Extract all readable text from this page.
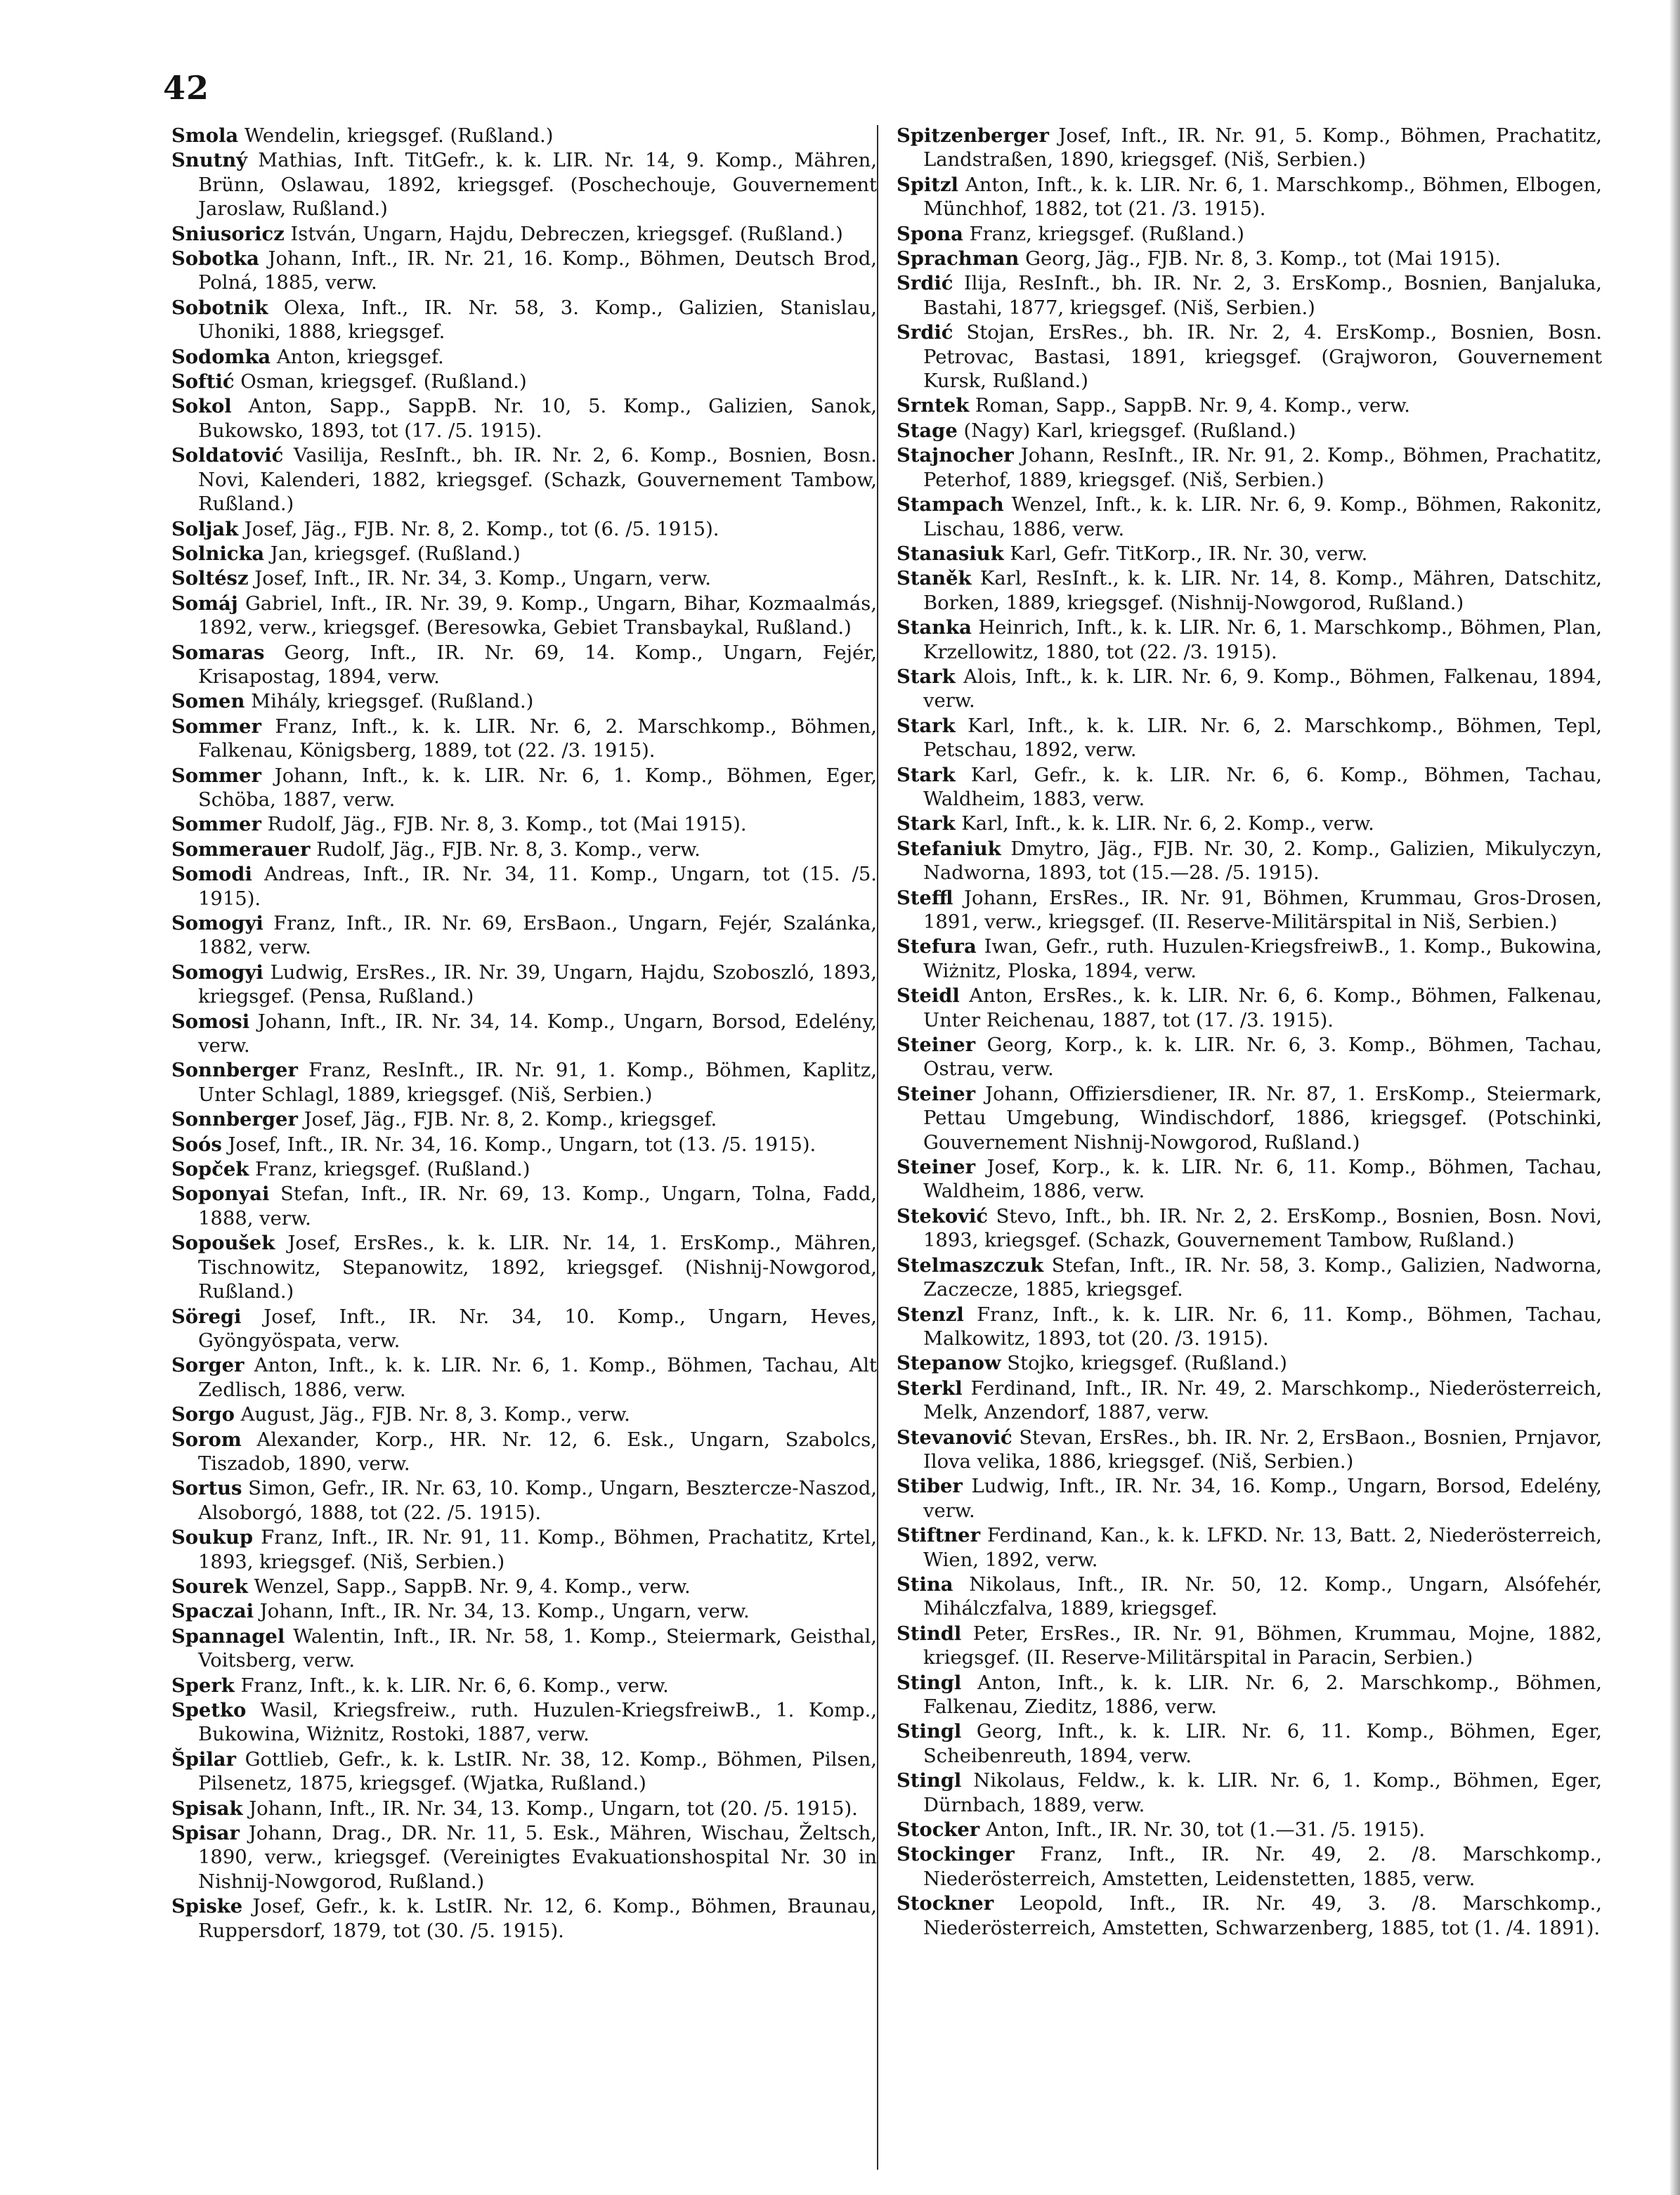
42

Smola Wendelin, kriegsgef. (Rußland.)

Snutný Mathias, Inft. TitGefr., k. k. LIR. Nr. 14, 9. Komp., Mähren, Brünn, Oslawau, 1892, kriegsgef. (Poschechouje, Gouvernement Jaroslaw, Rußland.)

Sniusoricz István, Ungarn, Hajdu, Debreczen, kriegsgef. (Rußland.)

Sobotka Johann, Inft., IR. Nr. 21, 16. Komp., Böhmen, Deutsch Brod, Polná, 1885, verw.

Sobotnik Olexa, Inft., IR. Nr. 58, 3. Komp., Galizien, Stanislau, Uhoniki, 1888, kriegsgef.

Sodomka Anton, kriegsgef.

Softić Osman, kriegsgef. (Rußland.)

Sokol Anton, Sapp., SappB. Nr. 10, 5. Komp., Galizien, Sanok, Bukowsko, 1893, tot (17. /5. 1915).

Soldatović Vasilija, ResInft., bh. IR. Nr. 2, 6. Komp., Bosnien, Bosn. Novi, Kalenderi, 1882, kriegsgef. (Schazk, Gouvernement Tambow, Rußland.)

Soljak Josef, Jäg., FJB. Nr. 8, 2. Komp., tot (6. /5. 1915).

Solnicka Jan, kriegsgef. (Rußland.)

Soltész Josef, Inft., IR. Nr. 34, 3. Komp., Ungarn, verw.

Somáj Gabriel, Inft., IR. Nr. 39, 9. Komp., Ungarn, Bihar, Kozmaalmás, 1892, verw., kriegsgef. (Beresowka, Gebiet Transbaykal, Rußland.)

Somaras Georg, Inft., IR. Nr. 69, 14. Komp., Ungarn, Fejér, Krisapostag, 1894, verw.

Somen Mihály, kriegsgef. (Rußland.)

Sommer Franz, Inft., k. k. LIR. Nr. 6, 2. Marschkomp., Böhmen, Falkenau, Königsberg, 1889, tot (22. /3. 1915).

Sommer Johann, Inft., k. k. LIR. Nr. 6, 1. Komp., Böhmen, Eger, Schöba, 1887, verw.

Sommer Rudolf, Jäg., FJB. Nr. 8, 3. Komp., tot (Mai 1915).

Sommerauer Rudolf, Jäg., FJB. Nr. 8, 3. Komp., verw.

Somodi Andreas, Inft., IR. Nr. 34, 11. Komp., Ungarn, tot (15. /5. 1915).

Somogyi Franz, Inft., IR. Nr. 69, ErsBaon., Ungarn, Fejér, Szalánka, 1882, verw.

Somogyi Ludwig, ErsRes., IR. Nr. 39, Ungarn, Hajdu, Szoboszló, 1893, kriegsgef. (Pensa, Rußland.)

Somosi Johann, Inft., IR. Nr. 34, 14. Komp., Ungarn, Borsod, Edelény, verw.

Sonnberger Franz, ResInft., IR. Nr. 91, 1. Komp., Böhmen, Kaplitz, Unter Schlagl, 1889, kriegsgef. (Niš, Serbien.)

Sonnberger Josef, Jäg., FJB. Nr. 8, 2. Komp., kriegsgef.

Soós Josef, Inft., IR. Nr. 34, 16. Komp., Ungarn, tot (13. /5. 1915).

Sopček Franz, kriegsgef. (Rußland.)

Soponyai Stefan, Inft., IR. Nr. 69, 13. Komp., Ungarn, Tolna, Fadd, 1888, verw.

Sopoušek Josef, ErsRes., k. k. LIR. Nr. 14, 1. ErsKomp., Mähren, Tischnowitz, Stepanowitz, 1892, kriegsgef. (Nishnij-Nowgorod, Rußland.)

Söregi Josef, Inft., IR. Nr. 34, 10. Komp., Ungarn, Heves, Gyöngyöspata, verw.

Sorger Anton, Inft., k. k. LIR. Nr. 6, 1. Komp., Böhmen, Tachau, Alt Zedlisch, 1886, verw.

Sorgo August, Jäg., FJB. Nr. 8, 3. Komp., verw.

Sorom Alexander, Korp., HR. Nr. 12, 6. Esk., Ungarn, Szabolcs, Tiszadob, 1890, verw.

Sortus Simon, Gefr., IR. Nr. 63, 10. Komp., Ungarn, Beszterczе-Naszod, Alsoborgó, 1888, tot (22. /5. 1915).

Soukup Franz, Inft., IR. Nr. 91, 11. Komp., Böhmen, Prachatitz, Krtel, 1893, kriegsgef. (Niš, Serbien.)

Sourek Wenzel, Sapp., SappB. Nr. 9, 4. Komp., verw.

Spaczai Johann, Inft., IR. Nr. 34, 13. Komp., Ungarn, verw.

Spannagel Walentin, Inft., IR. Nr. 58, 1. Komp., Steiermark, Geisthal, Voitsberg, verw.

Sperk Franz, Inft., k. k. LIR. Nr. 6, 6. Komp., verw.

Spetko Wasil, Kriegsfreiw., ruth. Huzulen-KriegsfreiwB., 1. Komp., Bukowina, Wiżnitz, Rostoki, 1887, verw.

Špilar Gottlieb, Gefr., k. k. LstIR. Nr. 38, 12. Komp., Böhmen, Pilsen, Pilsenetz, 1875, kriegsgef. (Wjatka, Rußland.)

Spisak Johann, Inft., IR. Nr. 34, 13. Komp., Ungarn, tot (20. /5. 1915).

Spisar Johann, Drag., DR. Nr. 11, 5. Esk., Mähren, Wischau, Želtsch, 1890, verw., kriegsgef. (Vereinigtes Evakuationshospital Nr. 30 in Nishnij-Nowgorod, Rußland.)

Spiske Josef, Gefr., k. k. LstIR. Nr. 12, 6. Komp., Böhmen, Braunau, Ruppersdorf, 1879, tot (30. /5. 1915).

Spitzenberger Josef, Inft., IR. Nr. 91, 5. Komp., Böhmen, Prachatitz, Landstraßen, 1890, kriegsgef. (Niš, Serbien.)

Spitzl Anton, Inft., k. k. LIR. Nr. 6, 1. Marschkomp., Böhmen, Elbogen, Münchhof, 1882, tot (21. /3. 1915).

Spona Franz, kriegsgef. (Rußland.)

Sprachman Georg, Jäg., FJB. Nr. 8, 3. Komp., tot (Mai 1915).

Srdić Ilija, ResInft., bh. IR. Nr. 2, 3. ErsKomp., Bosnien, Banjaluka, Bastahi, 1877, kriegsgef. (Niš, Serbien.)

Srdić Stojan, ErsRes., bh. IR. Nr. 2, 4. ErsKomp., Bosnien, Bosn. Petrovac, Bastasi, 1891, kriegsgef. (Grajworon, Gouvernement Kursk, Rußland.)

Srntek Roman, Sapp., SappB. Nr. 9, 4. Komp., verw.

Stage (Nagy) Karl, kriegsgef. (Rußland.)

Stajnocher Johann, ResInft., IR. Nr. 91, 2. Komp., Böhmen, Prachatitz, Peterhof, 1889, kriegsgef. (Niš, Serbien.)

Stampach Wenzel, Inft., k. k. LIR. Nr. 6, 9. Komp., Böhmen, Rakonitz, Lischau, 1886, verw.

Stanasiuk Karl, Gefr. TitKorp., IR. Nr. 30, verw.

Staněk Karl, ResInft., k. k. LIR. Nr. 14, 8. Komp., Mähren, Datschitz, Borken, 1889, kriegsgef. (Nishnij-Nowgorod, Rußland.)

Stanka Heinrich, Inft., k. k. LIR. Nr. 6, 1. Marschkomp., Böhmen, Plan, Krzellowitz, 1880, tot (22. /3. 1915).

Stark Alois, Inft., k. k. LIR. Nr. 6, 9. Komp., Böhmen, Falkenau, 1894, verw.

Stark Karl, Inft., k. k. LIR. Nr. 6, 2. Marschkomp., Böhmen, Tepl, Petschau, 1892, verw.

Stark Karl, Gefr., k. k. LIR. Nr. 6, 6. Komp., Böhmen, Tachau, Waldheim, 1883, verw.

Stark Karl, Inft., k. k. LIR. Nr. 6, 2. Komp., verw.

Stefaniuk Dmytro, Jäg., FJB. Nr. 30, 2. Komp., Galizien, Mikulyczyn, Nadworna, 1893, tot (15.—28. /5. 1915).

Steffl Johann, ErsRes., IR. Nr. 91, Böhmen, Krummau, Gros-Drosen, 1891, verw., kriegsgef. (II. Reserve-Militärspital in Niš, Serbien.)

Stefura Iwan, Gefr., ruth. Huzulen-KriegsfreiwB., 1. Komp., Bukowina, Wiżnitz, Ploska, 1894, verw.

Steidl Anton, ErsRes., k. k. LIR. Nr. 6, 6. Komp., Böhmen, Falkenau, Unter Reichenau, 1887, tot (17. /3. 1915).

Steiner Georg, Korp., k. k. LIR. Nr. 6, 3. Komp., Böhmen, Tachau, Ostrau, verw.

Steiner Johann, Offiziersdiener, IR. Nr. 87, 1. ErsKomp., Steiermark, Pettau Umgebung, Windischdorf, 1886, kriegsgef. (Potschinki, Gouvernement Nishnij-Nowgorod, Rußland.)

Steiner Josef, Korp., k. k. LIR. Nr. 6, 11. Komp., Böhmen, Tachau, Waldheim, 1886, verw.

Steković Stevo, Inft., bh. IR. Nr. 2, 2. ErsKomp., Bosnien, Bosn. Novi, 1893, kriegsgef. (Schazk, Gouvernement Tambow, Rußland.)

Stelmaszczuk Stefan, Inft., IR. Nr. 58, 3. Komp., Galizien, Nadworna, Zaczecze, 1885, kriegsgef.

Stenzl Franz, Inft., k. k. LIR. Nr. 6, 11. Komp., Böhmen, Tachau, Malkowitz, 1893, tot (20. /3. 1915).

Stepanow Stojko, kriegsgef. (Rußland.)

Sterkl Ferdinand, Inft., IR. Nr. 49, 2. Marschkomp., Niederösterreich, Melk, Anzendorf, 1887, verw.

Stevanović Stevan, ErsRes., bh. IR. Nr. 2, ErsBaon., Bosnien, Prnjavor, Ilova velika, 1886, kriegsgef. (Niš, Serbien.)

Stiber Ludwig, Inft., IR. Nr. 34, 16. Komp., Ungarn, Borsod, Edelény, verw.

Stiftner Ferdinand, Kan., k. k. LFKD. Nr. 13, Batt. 2, Niederösterreich, Wien, 1892, verw.

Stina Nikolaus, Inft., IR. Nr. 50, 12. Komp., Ungarn, Alsófehér, Mihálczfalva, 1889, kriegsgef.

Stindl Peter, ErsRes., IR. Nr. 91, Böhmen, Krummau, Mojne, 1882, kriegsgef. (II. Reserve-Militärspital in Paracin, Serbien.)

Stingl Anton, Inft., k. k. LIR. Nr. 6, 2. Marschkomp., Böhmen, Falkenau, Zieditz, 1886, verw.

Stingl Georg, Inft., k. k. LIR. Nr. 6, 11. Komp., Böhmen, Eger, Scheibenreuth, 1894, verw.

Stingl Nikolaus, Feldw., k. k. LIR. Nr. 6, 1. Komp., Böhmen, Eger, Dürnbach, 1889, verw.

Stocker Anton, Inft., IR. Nr. 30, tot (1.—31. /5. 1915).

Stockinger Franz, Inft., IR. Nr. 49, 2. /8. Marschkomp., Niederösterreich, Amstetten, Leidenstetten, 1885, verw.

Stockner Leopold, Inft., IR. Nr. 49, 3. /8. Marschkomp., Niederösterreich, Amstetten, Schwarzenberg, 1885, tot (1. /4. 1891).
